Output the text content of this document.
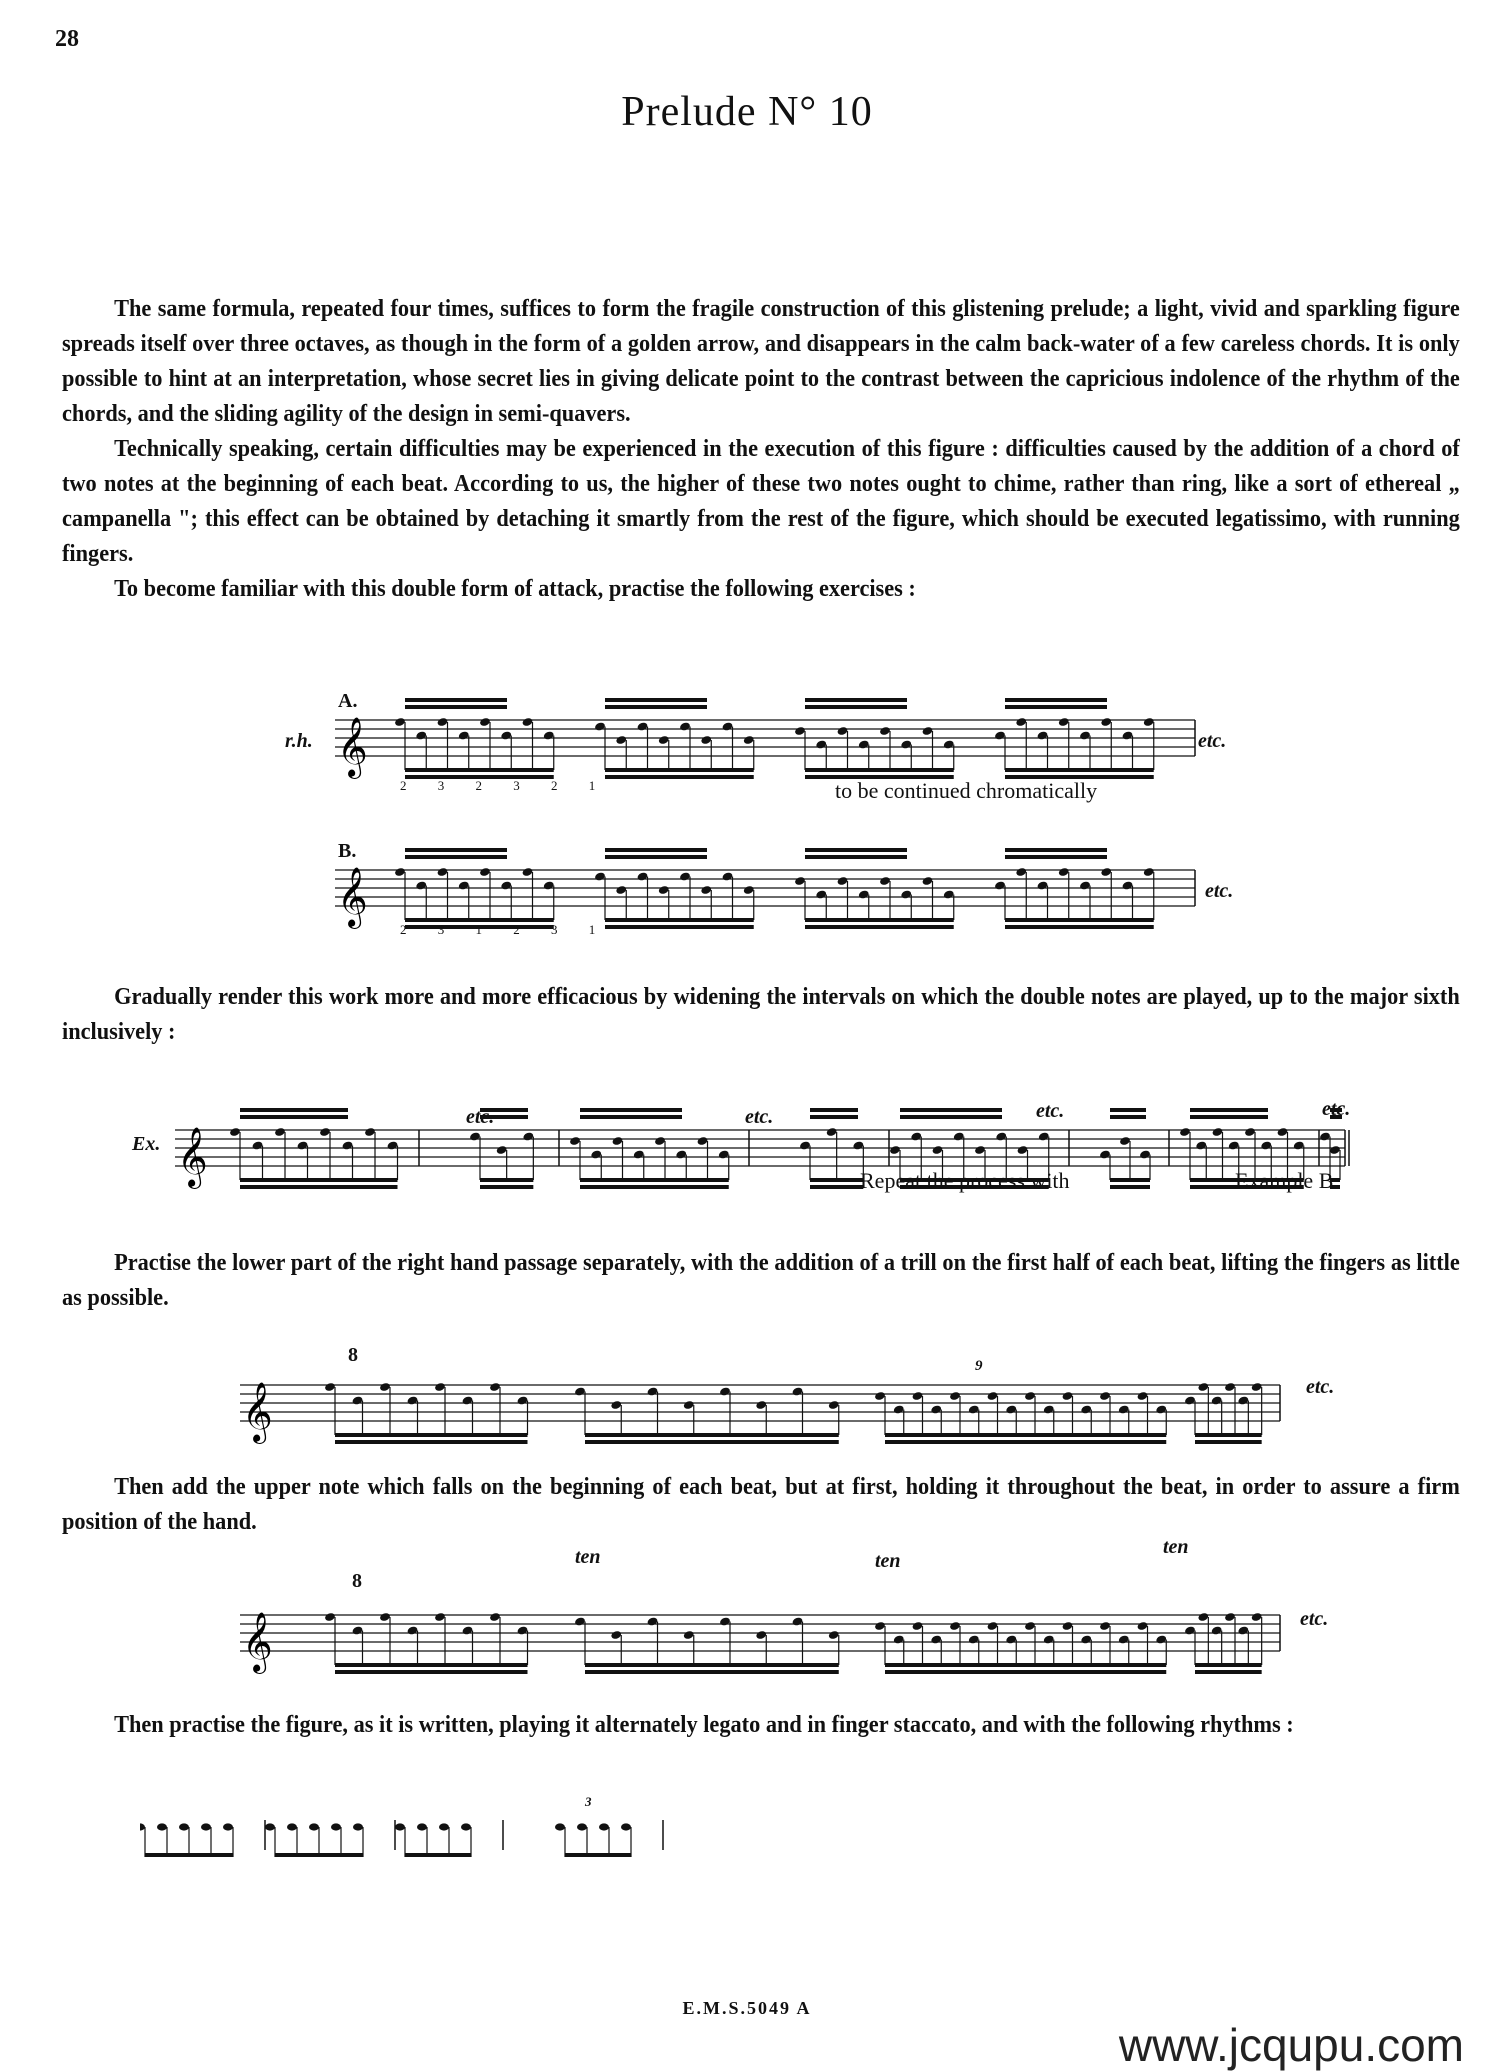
28
Prelude N° 10

The same formula, repeated four times, suffices to form the fragile construction of this glistening prelude; a light, vivid and sparkling figure spreads itself over three octaves, as though in the form of a golden arrow, and disappears in the calm back-water of a few careless chords. It is only possible to hint at an interpretation, whose secret lies in giving delicate point to the contrast between the capricious indolence of the rhythm of the chords, and the sliding agility of the design in semi-quavers.

Technically speaking, certain difficulties may be experienced in the execution of this figure : difficulties caused by the addition of a chord of two notes at the beginning of each beat. According to us, the higher of these two notes ought to chime, rather than ring, like a sort of ethereal „ campanella "; this effect can be obtained by detaching it smartly from the rest of the figure, which should be executed legatissimo, with running fingers.

To become familiar with this double form of attack, practise the following exercises :

𝄞
A.
r.h.
2 3 2 3 2 1
etc.
to be continued chromatically
𝄞
B.
2 3 1 2 3 1
etc.

Gradually render this work more and more efficacious by widening the intervals on which the double notes are played, up to the major sixth inclusively :

𝄞
Ex.
etc.	etc.	etc.	etc.
Repeat the process with	Example B

Practise the lower part of the right hand passage separately, with the addition of a trill on the first half of each beat, lifting the fingers as little as possible.

𝄞
8	9
etc.

Then add the upper note which falls on the beginning of each beat, but at first, holding it throughout the beat, in order to assure a firm position of the hand.

𝄞
8
ten	ten
ten
etc.

Then practise the figure, as it is written, playing it alternately legato and in finger staccato, and with the following rhythms :

3
E.M.S.5049 A
www.jcqupu.com
